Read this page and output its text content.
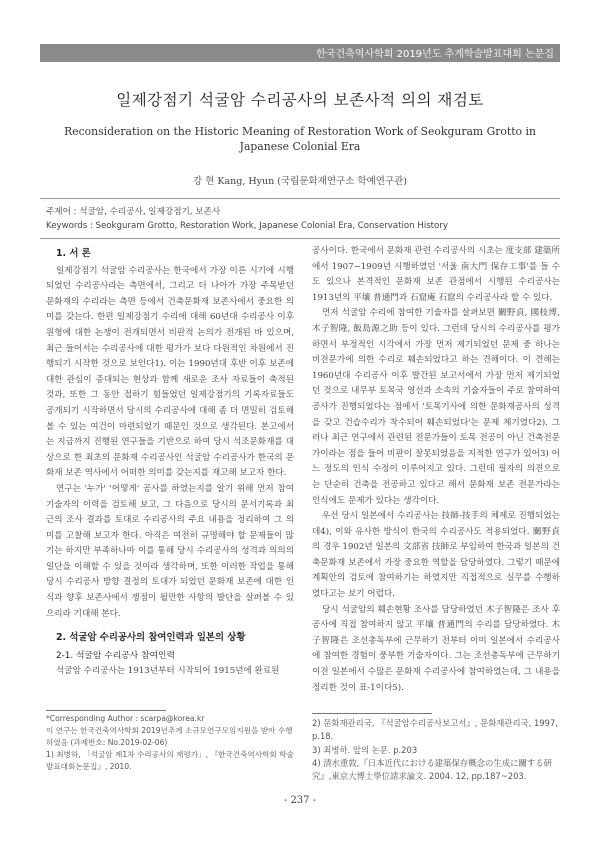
한국건축역사학회 2019년도 추계학술발표대회 논문집
일제강점기 석굴암 수리공사의 보존사적 의의 재검토
Reconsideration on the Historic Meaning of Restoration Work of Seokguram Grotto in Japanese Colonial Era
강 현 Kang, Hyun (국립문화재연구소 학예연구관)
주제어 : 석굴암, 수리공사, 일제강점기, 보존사
Keywords : Seokguram Grotto, Restoration Work, Japanese Colonial Era, Conservation History

1. 서 론

일제강점기 석굴암 수리공사는 한국에서 가장 이른 시기에 시행되었던 수리공사라는 측면에서, 그리고 더 나아가 가장 주목받던 문화재의 수리라는 측면 등에서 건축문화재 보존사에서 중요한 의미를 갖는다. 한편 일제강점기 수리에 대해 60년대 수리공사 이후 원형에 대한 논쟁이 전개되면서 비판적 논의가 전개된 바 있으며, 최근 들어서는 수리공사에 대한 평가가 보다 다원적인 차원에서 진행되기 시작한 것으로 보인다1). 이는 1990년대 후반 이후 보존에 대한 관심이 증대되는 현상과 함께 새로운 조사 자료들이 축적된 것과, 또한 그 동안 접하기 힘들었던 일제강점기의 기록자료들도 공개되기 시작하면서 당시의 수리공사에 대해 좀 더 면밀히 검토해 볼 수 있는 여건이 마련되었기 때문인 것으로 생각된다. 본고에서는 지금까지 진행된 연구들을 기반으로 하여 당시 석조문화재를 대상으로 한 최초의 문화재 수리공사인 석굴암 수리공사가 한국의 문화재 보존 역사에서 어떠한 의미를 갖는지를 재고해 보고자 한다.

연구는 '누가' '어떻게' 공사를 하였는지를 알기 위해 먼저 참여기술자의 이력을 검토해 보고, 그 다음으로 당시의 문서기록과 최근의 조사 결과를 토대로 수리공사의 주요 내용을 정리하여 그 의미를 고찰해 보고자 한다. 아직은 여전히 규명해야 할 문제들이 많기는 하지만 부족하나마 이를 통해 당시 수리공사의 성격과 의의의 일단을 이해할 수 있을 것이라 생각하며, 또한 이러한 작업을 통해 당시 수리공사 방향 결정의 토대가 되었던 문화재 보존에 대한 인식과 향후 보존사에서 쟁점이 될만한 사항의 발단을 살펴볼 수 있으리라 기대해 본다.

2. 석굴암 수리공사의 참여인력과 일본의 상황

2-1. 석굴암 수리공사 참여인력

석굴암 수리공사는 1913년부터 시작되어 1915년에 완료된

공사이다. 한국에서 문화재 관련 수리공사의 시초는 度支部 建築所에서 1907~1909년 시행하였던 '서울 南大門 保存工事'를 들 수도 있으나 본격적인 문화재 보존 관점에서 시행된 수리공사는 1913년의 平壤 普通門과 石窟庵 石窟의 수리공사라 할 수 있다.

먼저 석굴암 수리에 참여한 기술자를 살펴보면 關野貞, 國枝博, 木子智隆, 飯島源之助 등이 있다. 그런데 당시의 수리공사를 평가하면서 부정적인 시각에서 가장 먼저 제기되었던 문제 중 하나는 비전문가에 의한 수리로 훼손되었다고 하는 견해이다. 이 견해는 1960년대 수리공사 이후 발간된 보고서에서 가장 먼저 제기되었던 것으로 내무부 토목국 영선과 소속의 기술자들이 주로 참여하여 공사가 진행되었다는 점에서 '토목기사에 의한 문화재공사의 성격을 갖고 건습수리가 착수되어 훼손되었다'는 문제 제기였다2). 그러나 최근 연구에서 관련된 전문가들이 토목 전공이 아닌 건축전문가이라는 점을 들어 비판이 잘못되었음을 지적한 연구가 있어3) 어느 정도의 인식 수정이 이루어지고 있다. 그런데 필자의 의견으로는 단순히 건축을 전공하고 있다고 해서 문화재 보존 전문가라는 인식에도 문제가 있다는 생각이다.

우선 당시 일본에서 수리공사는 技師-技手의 체제로 진행되었는데4), 이와 유사한 방식이 한국의 수리공사도 적용되었다. 關野貞의 경우 1902년 일본의 文部省 技師로 부임하여 한국과 일본의 건축문화재 보존에서 가장 중요한 역할을 담당하였다. 그렇기 때문에 계획안의 검토에 참여하기는 하였지만 직접적으로 실무를 수행하였다고는 보기 어렵다.

당시 석굴암의 훼손현황 조사를 담당하였던 木子智隆은 조사 후 공사에 직접 참여하지 않고 平壤 普通門의 수리를 담당하였다. 木子智隆은 조선총독부에 근무하기 전부터 이미 일본에서 수리공사에 참여한 경험이 풍부한 기술자이다. 그는 조선총독부에 근무하기 이전 일본에서 수많은 문화재 수리공사에 참여하였는데, 그 내용을 정리한 것이 표-1이다5).

*Corresponding Author : scarpa@korea.kr
이 연구는 한국건축역사학회 2019년추계 소규모연구모임지원을 받아 수행하였음 (과제번호: No.2019-02-06)
1) 최병하, 「석굴암 제1차 수리공사의 재평가」, 『한국건축역사학회 학술발표대회논문집』, 2010.
2) 문화재관리국, 『석굴암수리공사보고서』, 문화재관리국, 1997, p.18.
3) 최병하. 앞의 논문. p.203
4) 清水重敦,『日本近代における建築保存概念の生成に關する研究』,東京大博士學位請求論文. 2004. 12, pp.187~203.
- 237 -
